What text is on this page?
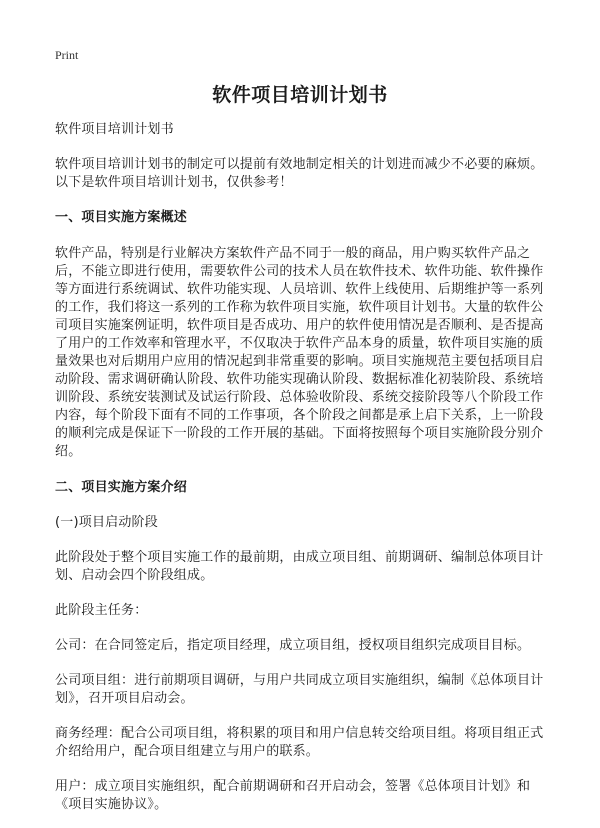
Print
软件项目培训计划书

软件项目培训计划书

软件项目培训计划书的制定可以提前有效地制定相关的计划进而减少不必要的麻烦。以下是软件项目培训计划书，仅供参考！

一、项目实施方案概述

软件产品，特别是行业解决方案软件产品不同于一般的商品，用户购买软件产品之后，不能立即进行使用，需要软件公司的技术人员在软件技术、软件功能、软件操作等方面进行系统调试、软件功能实现、人员培训、软件上线使用、后期维护等一系列的工作，我们将这一系列的工作称为软件项目实施，软件项目计划书。大量的软件公司项目实施案例证明，软件项目是否成功、用户的软件使用情况是否顺利、是否提高了用户的工作效率和管理水平，不仅取决于软件产品本身的质量，软件项目实施的质量效果也对后期用户应用的情况起到非常重要的影响。项目实施规范主要包括项目启动阶段、需求调研确认阶段、软件功能实现确认阶段、数据标准化初装阶段、系统培训阶段、系统安装测试及试运行阶段、总体验收阶段、系统交接阶段等八个阶段工作内容，每个阶段下面有不同的工作事项，各个阶段之间都是承上启下关系，上一阶段的顺利完成是保证下一阶段的工作开展的基础。下面将按照每个项目实施阶段分别介绍。

二、项目实施方案介绍

(一)项目启动阶段

此阶段处于整个项目实施工作的最前期，由成立项目组、前期调研、编制总体项目计划、启动会四个阶段组成。

此阶段主任务：

公司：在合同签定后，指定项目经理，成立项目组，授权项目组织完成项目目标。

公司项目组：进行前期项目调研，与用户共同成立项目实施组织，编制《总体项目计划》，召开项目启动会。

商务经理：配合公司项目组，将积累的项目和用户信息转交给项目组。将项目组正式介绍给用户，配合项目组建立与用户的联系。

用户：成立项目实施组织，配合前期调研和召开启动会，签署《总体项目计划》和《项目实施协议》。
